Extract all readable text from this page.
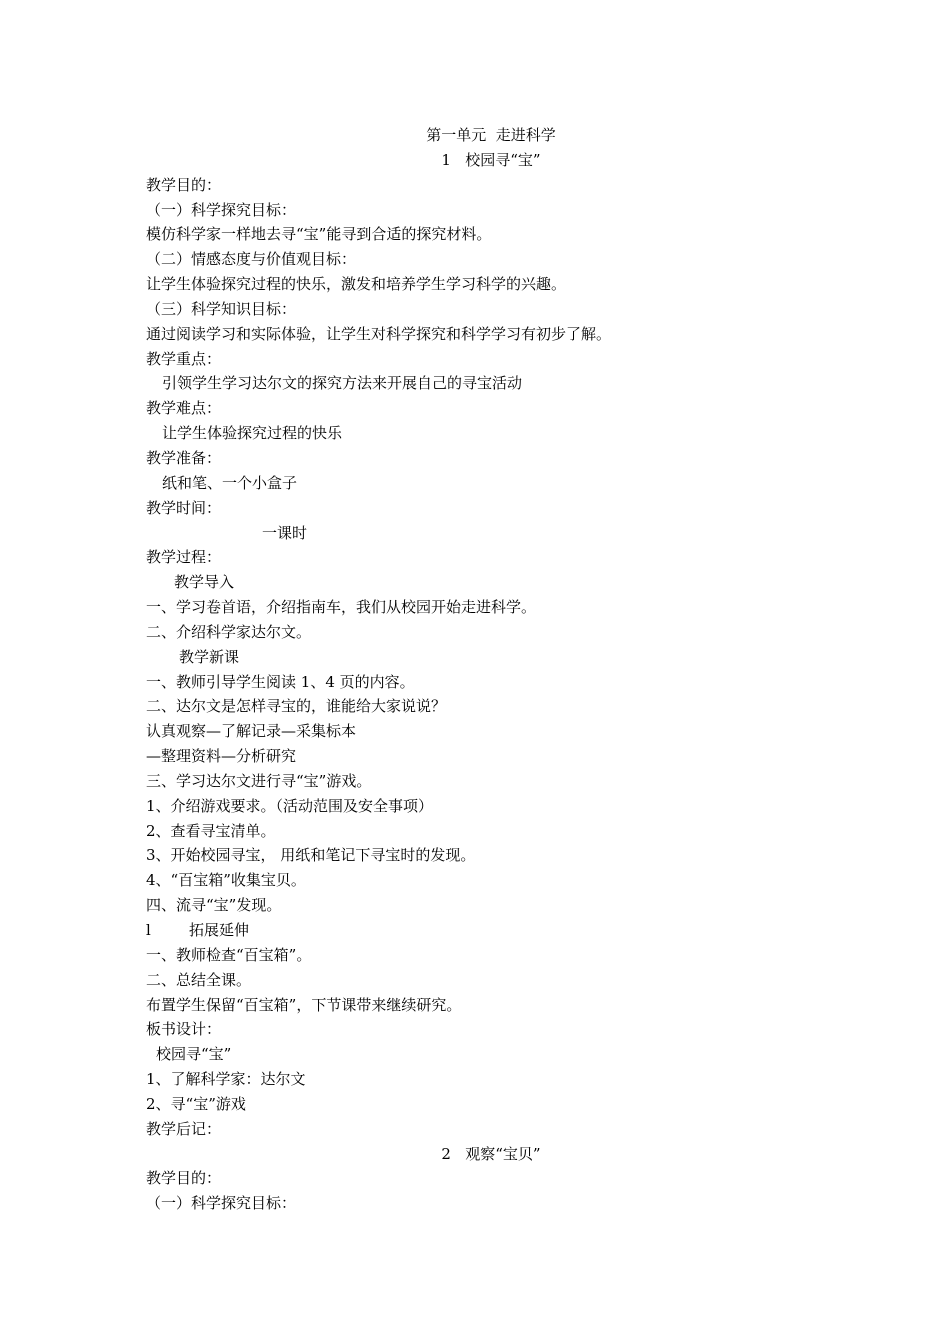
第一单元  走进科学
1   校园寻“宝”
教学目的：
（一）科学探究目标：
模仿科学家一样地去寻“宝”能寻到合适的探究材料。
（二）情感态度与价值观目标：
让学生体验探究过程的快乐，激发和培养学生学习科学的兴趣。
（三）科学知识目标：
通过阅读学习和实际体验，让学生对科学探究和科学学习有初步了解。
教学重点：
引领学生学习达尔文的探究方法来开展自己的寻宝活动
教学难点：
让学生体验探究过程的快乐
教学准备：
纸和笔、一个小盒子
教学时间：
一课时
教学过程：
教学导入
一、学习卷首语，介绍指南车，我们从校园开始走进科学。
二、介绍科学家达尔文。
教学新课
一、教师引导学生阅读 1、4 页的内容。
二、达尔文是怎样寻宝的，谁能给大家说说？
认真观察—了解记录—采集标本
—整理资料—分析研究
三、学习达尔文进行寻“宝”游戏。
1、介绍游戏要求。（活动范围及安全事项）
2、查看寻宝清单。
3、开始校园寻宝， 用纸和笔记下寻宝时的发现。
4、“百宝箱”收集宝贝。
四、流寻“宝”发现。
l        拓展延伸
一、教师检查“百宝箱”。
二、总结全课。
布置学生保留“百宝箱”，下节课带来继续研究。
板书设计：
校园寻“宝”
1、了解科学家：达尔文
2、寻“宝”游戏
教学后记：
2   观察“宝贝”
教学目的：
（一）科学探究目标：
